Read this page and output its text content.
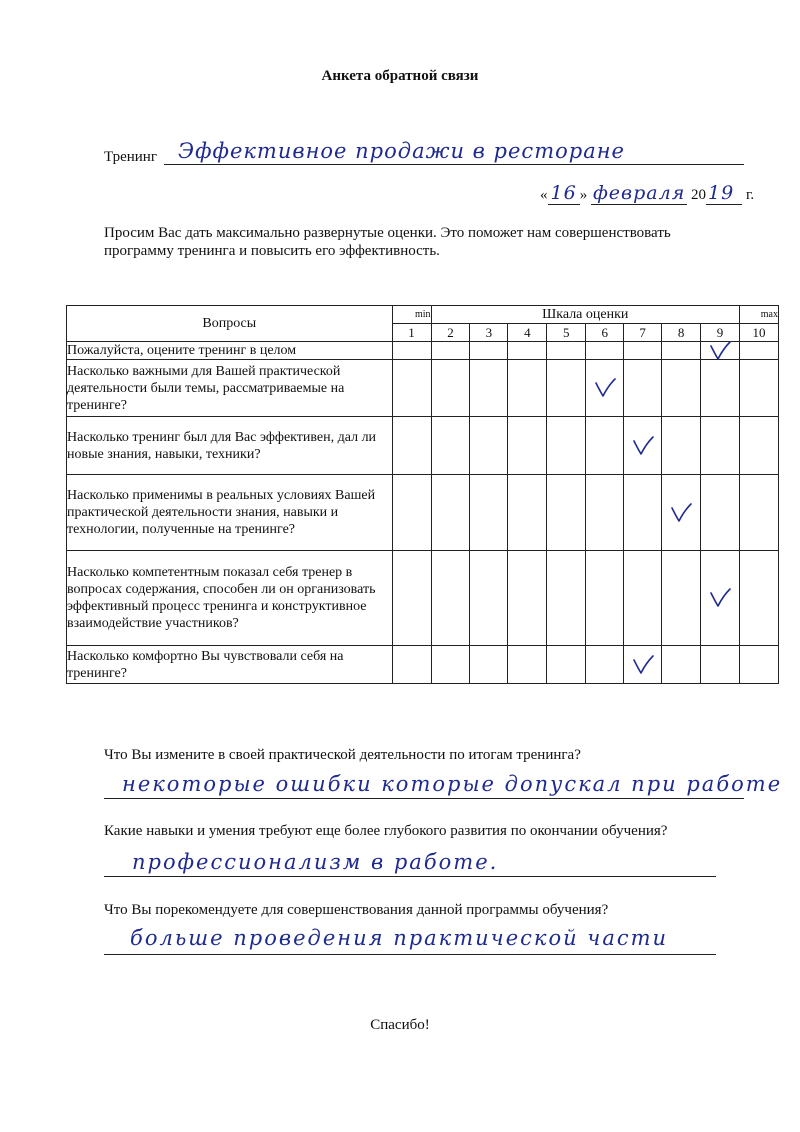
Анкета обратной связи
Тренинг Эффективное продажи в ресторане
« 16 » февраля 20 19 г.
Просим Вас дать максимально развернутые оценки. Это поможет нам совершенствовать
программу тренинга и повысить его эффективность.
Вопросы	min	Шкала оценки								max
	1	2	3	4	5	6	7	8	9	10
Пожалуйста, оцените тренинг в целом									

Насколько важными для Вашей практической деятельности были темы, рассматриваемые на тренинге?						

Насколько тренинг был для Вас эффективен, дал ли новые знания, навыки, техники?							

Насколько применимы в реальных условиях Вашей практической деятельности знания, навыки и технологии, полученные на тренинге?								

Насколько компетентным показал себя тренер в вопросах содержания, способен ли он организовать эффективный процесс тренинга и конструктивное взаимодействие участников?									

Насколько комфортно Вы чувствовали себя на тренинге?							

Что Вы измените в своей практической деятельности по итогам тренинга?
некоторые ошибки которые допускал при работе
Какие навыки и умения требуют еще более глубокого развития по окончании обучения?
профессионализм в работе.
Что Вы порекомендуете для совершенствования данной программы обучения?
больше проведения практической части
Спасибо!
